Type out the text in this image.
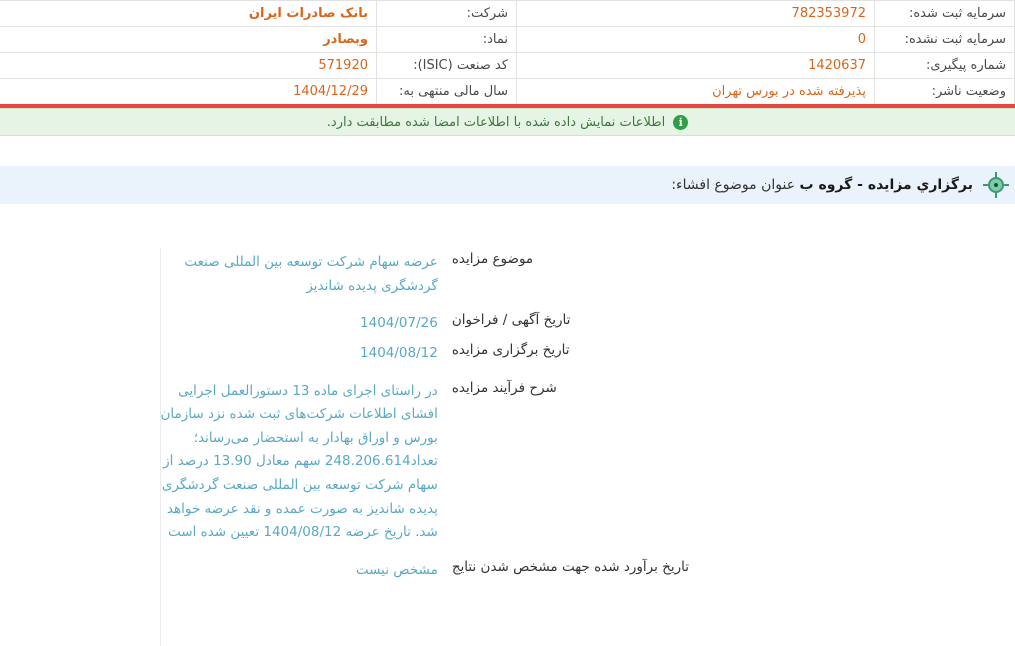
سرمایه ثبت شده:	782353972	شرکت:	بانک صادرات ایران

سرمایه ثبت نشده:	0	نماد:	وبصادر

شماره پیگیری:	1420637	کد صنعت (ISIC):	571920

وضعیت ناشر:	پذیرفته شده در بورس تهران	سال مالی منتهی به:	1404/12/29
i
اطلاعات نمایش داده شده با اطلاعات امضا شده مطابقت دارد.
برگزاري مزایده - گروه ب عنوان موضوع افشاء:
موضوع مزایده	عرضه سهام شرکت توسعه بین المللی صنعت گردشگری پدیده شاندیز

تاریخ آگهی / فراخوان	1404/07/26
تاریخ برگزاری مزایده	1404/08/12

شرح فرآیند مزایده	در راستای اجرای ماده 13 دستورالعمل اجرایی افشای اطلاعات شرکت‌های ثبت شده نزد سازمان بورس و اوراق بهادار به استحضار می‌رساند؛ تعداد248.206.614 سهم معادل 13.90 درصد از سهام شرکت توسعه بین المللی صنعت گردشگری پدیده شاندیز به صورت عمده و نقد عرضه خواهد شد. تاریخ عرضه 1404/08/12 تعیین شده است

تاریخ برآورد شده جهت مشخص شدن نتایج	مشخص نیست
